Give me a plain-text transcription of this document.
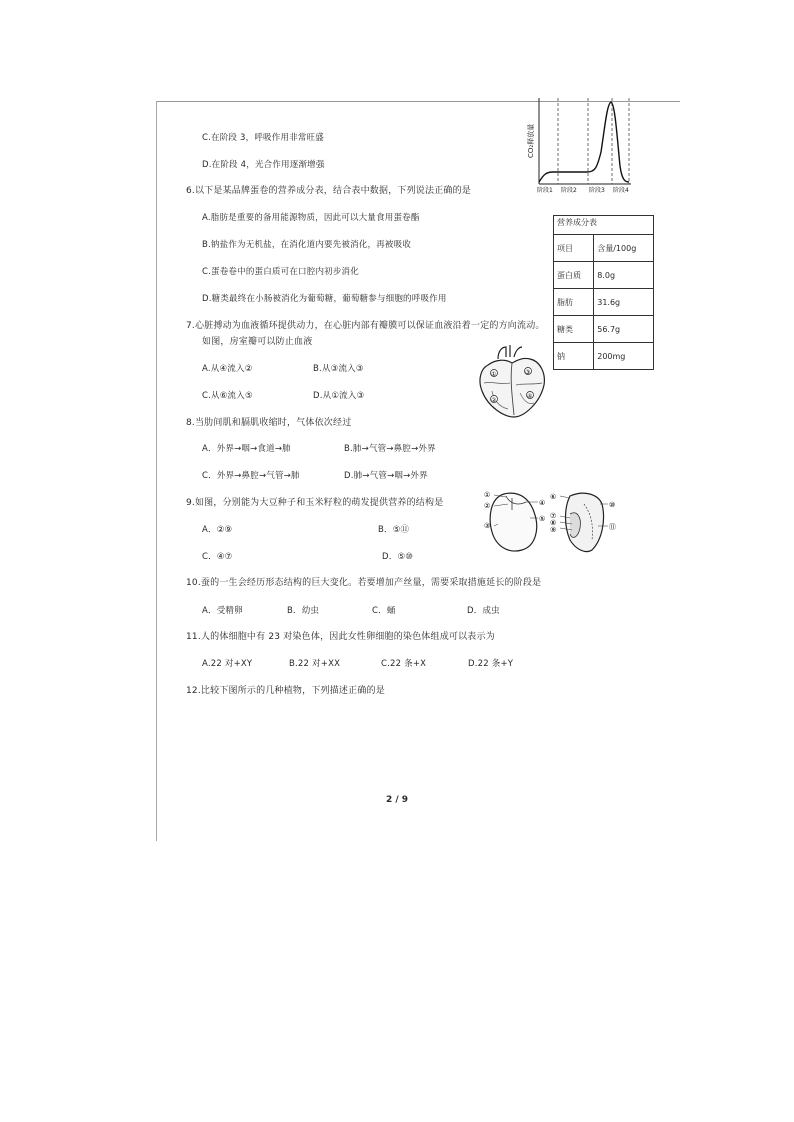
CO₂释放量
阶段1 阶段2 阶段3 阶段4
C.在阶段 3，呼吸作用非常旺盛
D.在阶段 4，光合作用逐渐增强
6.以下是某品牌蛋卷的营养成分表，结合表中数据，下列说法正确的是
A.脂肪是重要的备用能源物质，因此可以大量食用蛋卷酯
B.钠盐作为无机盐，在消化道内要先被消化，再被吸收
C.蛋卷卷中的蛋白质可在口腔内初步消化
D.糖类最终在小肠被消化为葡萄糖，葡萄糖参与细胞的呼吸作用
营养成分表	
项目	含量/100g
蛋白质	8.0g
脂肪	31.6g
糖类	56.7g
钠	200mg
7.心脏搏动为血液循环提供动力，在心脏内部有瓣膜可以保证血液沿着一定的方向流动。
如图，房室瓣可以防止血液
A.从④流入②	B.从③流入③
C.从⑥流入⑤	D.从①流入③
①
②
③
④
8.当肋间肌和膈肌收缩时，气体依次经过
A．外界→咽→食道→肺	B.肺→气管→鼻腔→外界
C．外界→鼻腔→气管→肺	D.肺→气管→咽→外界
9.如图，分别能为大豆种子和玉米籽粒的萌发提供营养的结构是
A．②⑨	B．⑤⑪
C．④⑦	D．⑤⑩
①
②
③
④
⑤
⑥
⑦
⑧
⑨
⑩
⑪
10.蚕的一生会经历形态结构的巨大变化。若要增加产丝量，需要采取措施延长的阶段是
A．受精卵	B．幼虫	C．蛹	D．成虫
11.人的体细胞中有 23 对染色体，因此女性卵细胞的染色体组成可以表示为
A.22 对+XY	B.22 对+XX	C.22 条+X	D.22 条+Y
12.比较下图所示的几种植物，下列描述正确的是
2 / 9
